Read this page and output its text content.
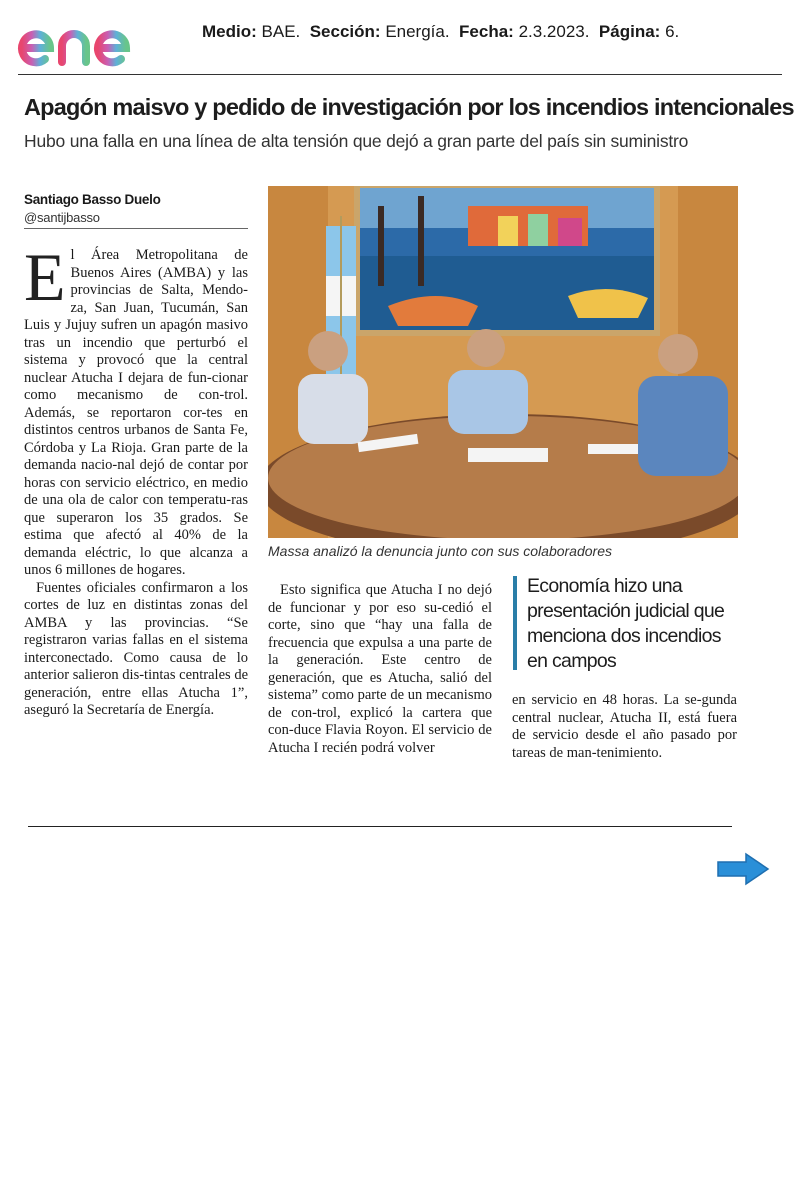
Medio: BAE. Sección: Energía. Fecha: 2.3.2023. Página: 6.
Apagón maisvo y pedido de investigación por los incendios intencionales
Hubo una falla en una línea de alta tensión que dejó a gran parte del país sin suministro
Santiago Basso Duelo
@santijbasso

El Área Metropolitana de Buenos Aires (AMBA) y las provincias de Salta, Mendo-za, San Juan, Tucumán, San Luis y Jujuy sufren un apagón masivo tras un incendio que perturbó el sistema y provocó que la central nuclear Atucha I dejara de fun-cionar como mecanismo de con-trol. Además, se reportaron cor-tes en distintos centros urbanos de Santa Fe, Córdoba y La Rioja. Gran parte de la demanda nacio-nal dejó de contar por horas con servicio eléctrico, en medio de una ola de calor con temperatu-ras que superaron los 35 grados. Se estima que afectó al 40% de la demanda eléctric, lo que alcanza a unos 6 millones de hogares.

Fuentes oficiales confirmaron a los cortes de luz en distintas zonas del AMBA y las provincias. “Se registraron varias fallas en el sistema interconectado. Como causa de lo anterior salieron dis-tintas centrales de generación, entre ellas Atucha 1”, aseguró la Secretaría de Energía.

Massa analizó la denuncia junto con sus colaboradores

Esto significa que Atucha I no dejó de funcionar y por eso su-cedió el corte, sino que “hay una falla de frecuencia que expulsa a una parte de la generación. Este centro de generación, que es Atucha, salió del sistema” como parte de un mecanismo de con-trol, explicó la cartera que con-duce Flavia Royon. El servicio de Atucha I recién podrá volver

Economía hizo una presentación judicial que menciona dos incendios en campos

en servicio en 48 horas. La se-gunda central nuclear, Atucha II, está fuera de servicio desde el año pasado por tareas de man-tenimiento.
